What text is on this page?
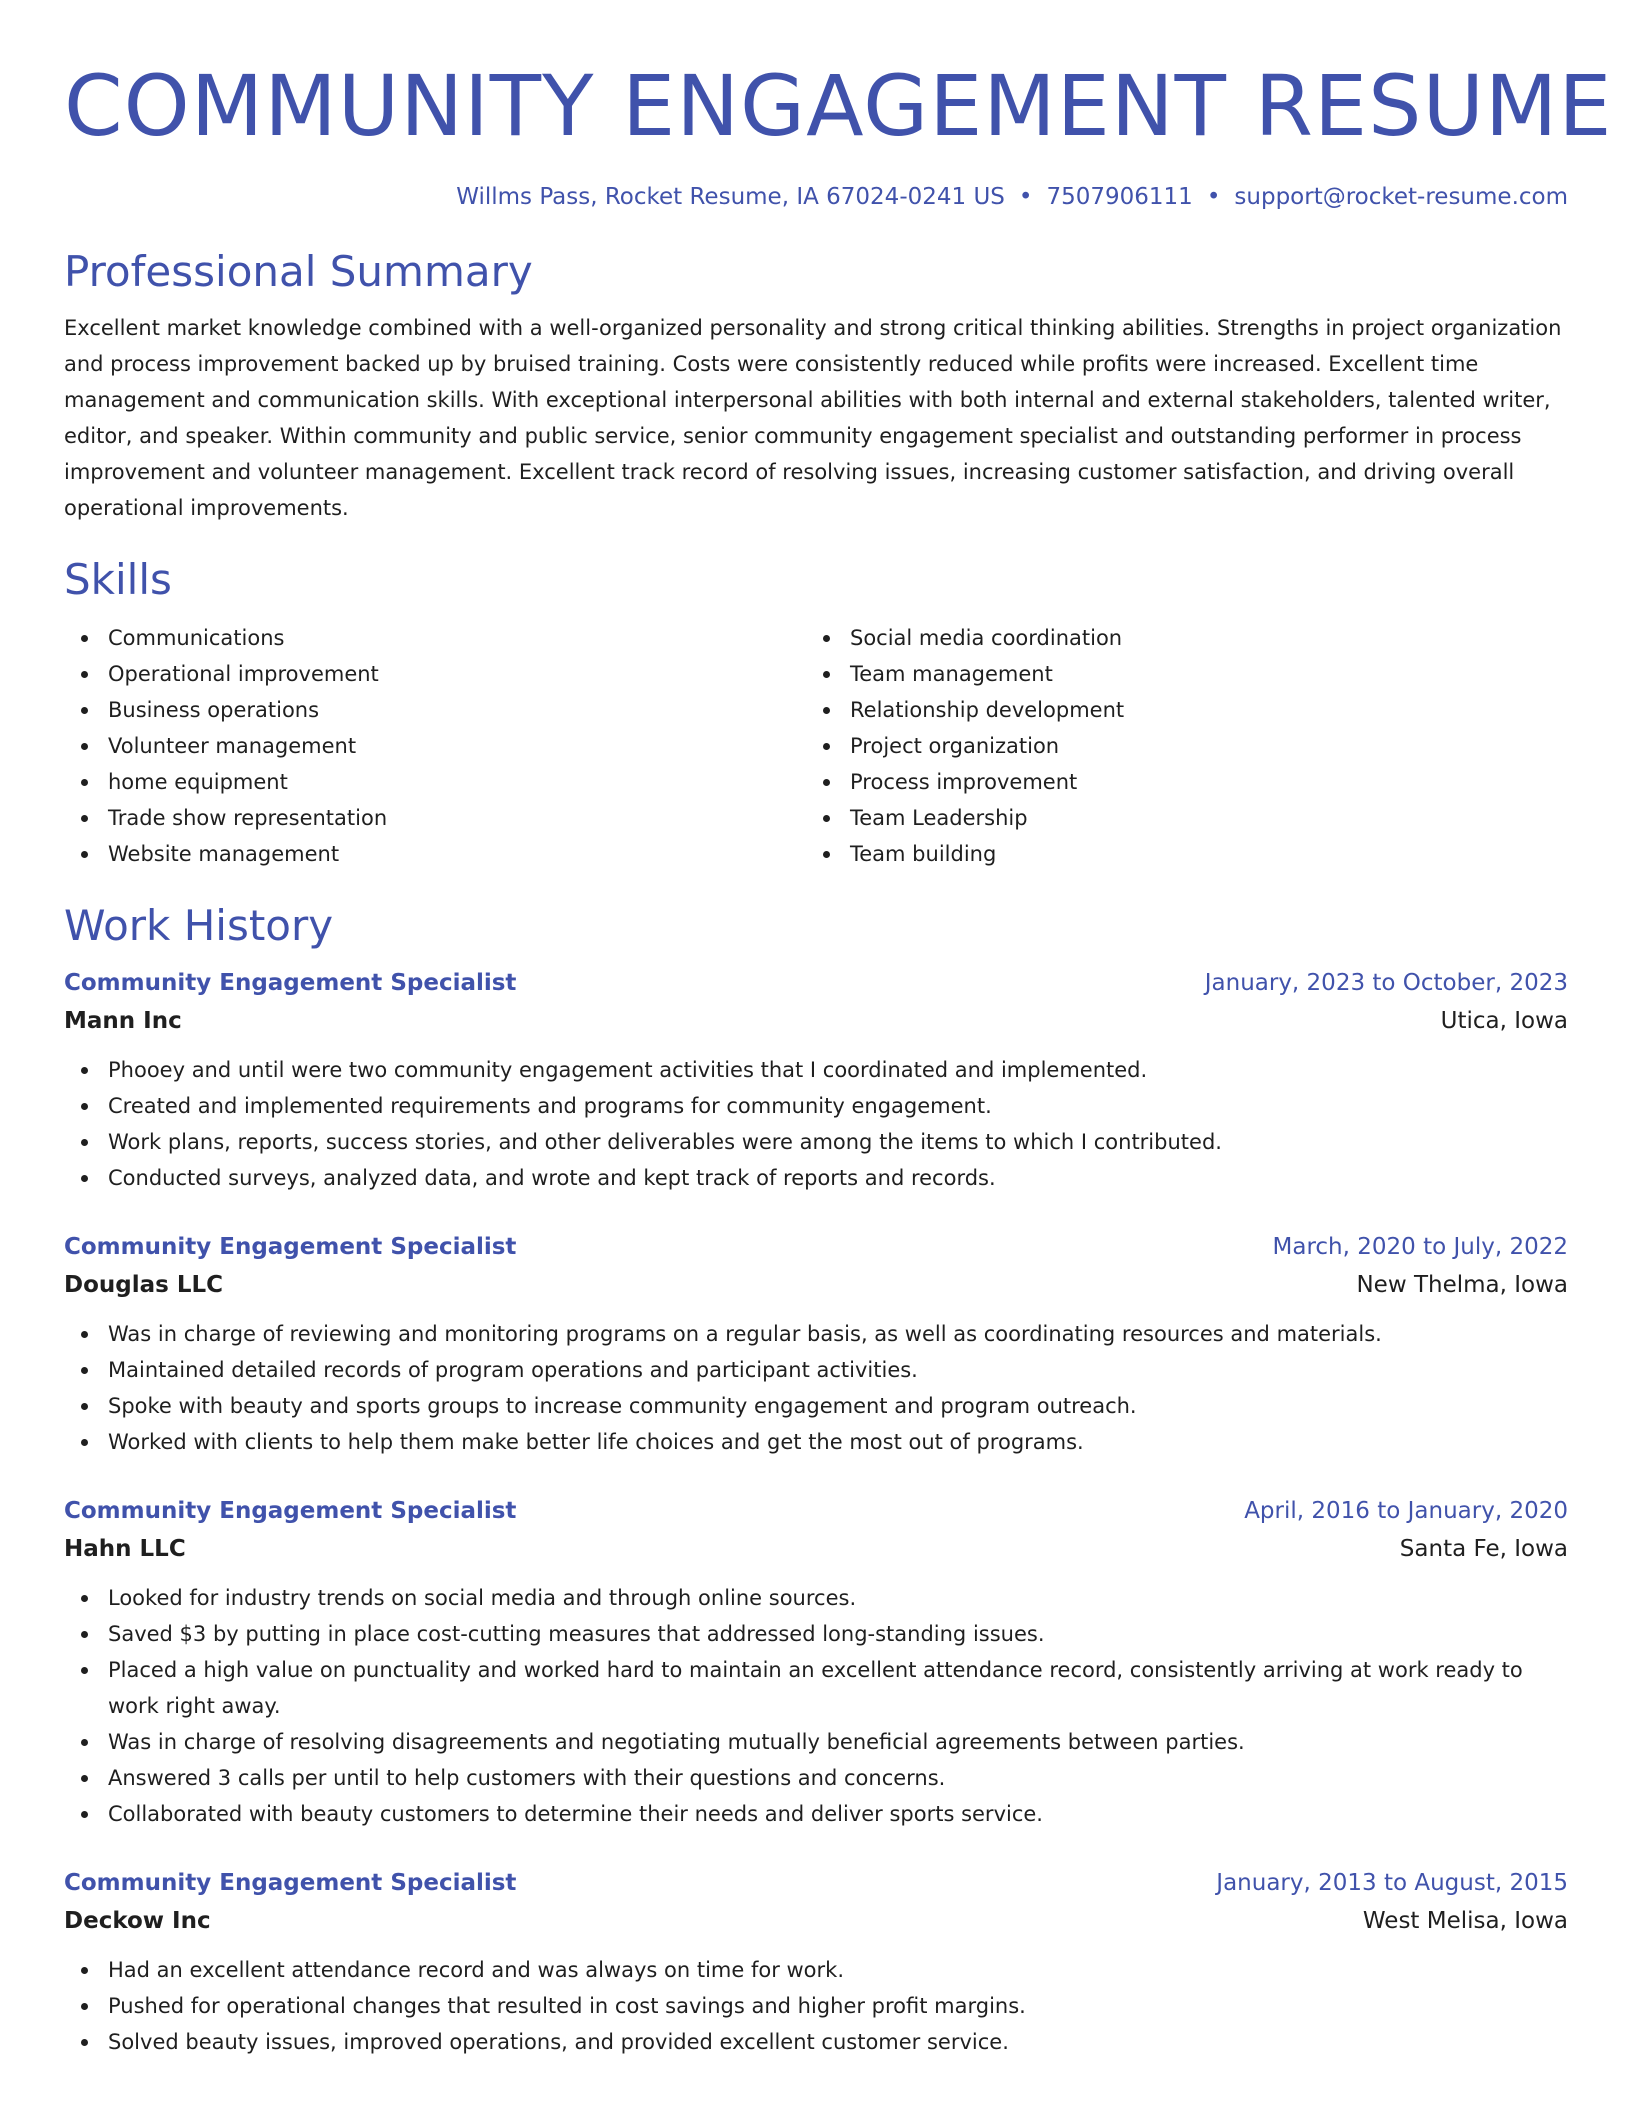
COMMUNITY ENGAGEMENT RESUME
Willms Pass, Rocket Resume, IA 67024-0241 US • 7507906111 • support@rocket-resume.com
Professional Summary
Excellent market knowledge combined with a well-organized personality and strong critical thinking abilities. Strengths in project organization and process improvement backed up by bruised training. Costs were consistently reduced while profits were increased. Excellent time management and communication skills. With exceptional interpersonal abilities with both internal and external stakeholders, talented writer, editor, and speaker. Within community and public service, senior community engagement specialist and outstanding performer in process improvement and volunteer management. Excellent track record of resolving issues, increasing customer satisfaction, and driving overall operational improvements.
Skills
Communications
Operational improvement
Business operations
Volunteer management
home equipment
Trade show representation
Website management
Social media coordination
Team management
Relationship development
Project organization
Process improvement
Team Leadership
Team building
Work History
Community Engagement Specialist	January, 2023 to October, 2023
Mann Inc	Utica, Iowa
Phooey and until were two community engagement activities that I coordinated and implemented.
Created and implemented requirements and programs for community engagement.
Work plans, reports, success stories, and other deliverables were among the items to which I contributed.
Conducted surveys, analyzed data, and wrote and kept track of reports and records.
Community Engagement Specialist	March, 2020 to July, 2022
Douglas LLC	New Thelma, Iowa
Was in charge of reviewing and monitoring programs on a regular basis, as well as coordinating resources and materials.
Maintained detailed records of program operations and participant activities.
Spoke with beauty and sports groups to increase community engagement and program outreach.
Worked with clients to help them make better life choices and get the most out of programs.
Community Engagement Specialist	April, 2016 to January, 2020
Hahn LLC	Santa Fe, Iowa
Looked for industry trends on social media and through online sources.
Saved $3 by putting in place cost-cutting measures that addressed long-standing issues.
Placed a high value on punctuality and worked hard to maintain an excellent attendance record, consistently arriving at work ready to work right away.
Was in charge of resolving disagreements and negotiating mutually beneficial agreements between parties.
Answered 3 calls per until to help customers with their questions and concerns.
Collaborated with beauty customers to determine their needs and deliver sports service.
Community Engagement Specialist	January, 2013 to August, 2015
Deckow Inc	West Melisa, Iowa
Had an excellent attendance record and was always on time for work.
Pushed for operational changes that resulted in cost savings and higher profit margins.
Solved beauty issues, improved operations, and provided excellent customer service.
